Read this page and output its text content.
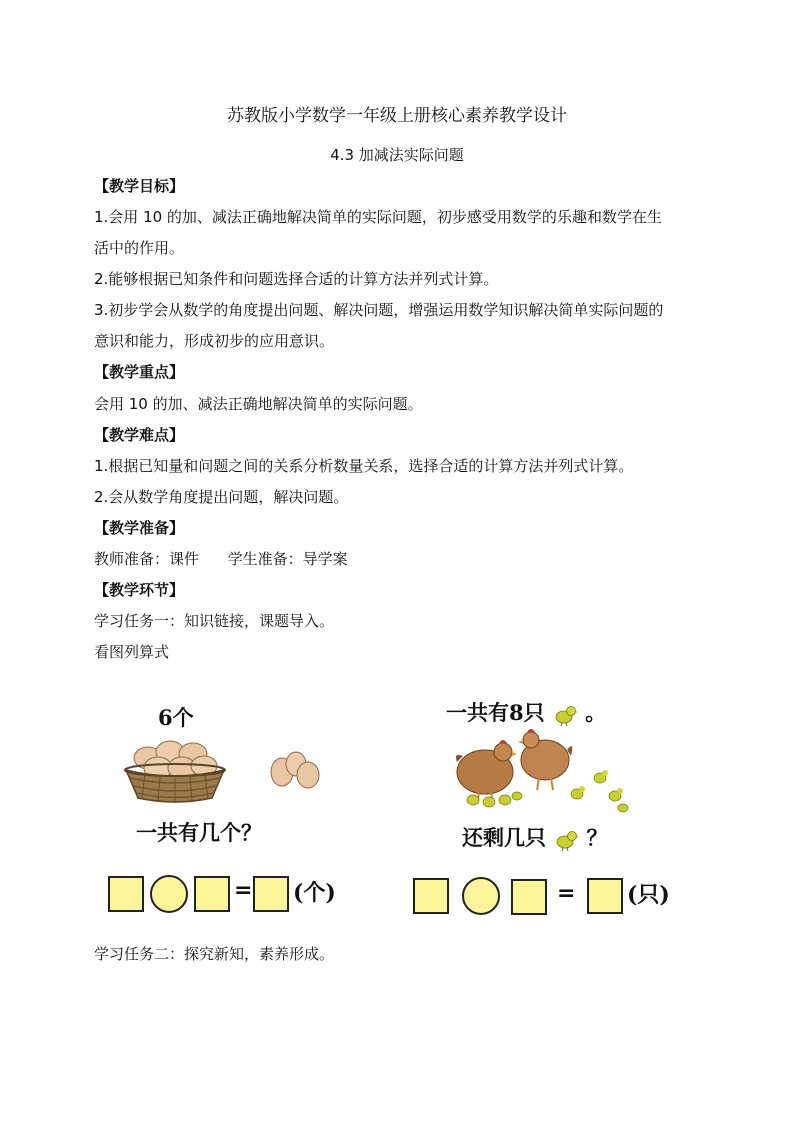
苏教版小学数学一年级上册核心素养教学设计
4.3 加减法实际问题
【教学目标】
1.会用 10 的加、减法正确地解决简单的实际问题，初步感受用数学的乐趣和数学在生
活中的作用。
2.能够根据已知条件和问题选择合适的计算方法并列式计算。
3.初步学会从数学的角度提出问题、解决问题，增强运用数学知识解决简单实际问题的
意识和能力，形成初步的应用意识。
【教学重点】
会用 10 的加、减法正确地解决简单的实际问题。
【教学难点】
1.根据已知量和问题之间的关系分析数量关系，选择合适的计算方法并列式计算。
2.会从数学角度提出问题，解决问题。
【教学准备】
教师准备：课件      学生准备：导学案
【教学环节】
学习任务一：知识链接，课题导入。
看图列算式
6个
一共有几个？
= (个)
一共有8只 。
还剩几只 ？
= (只)
学习任务二：探究新知，素养形成。
